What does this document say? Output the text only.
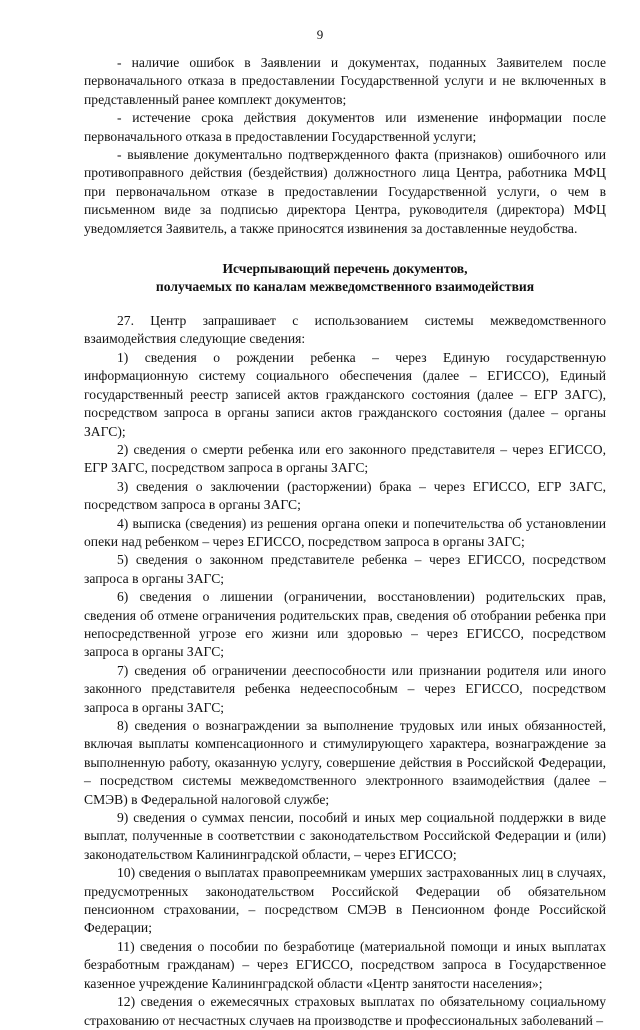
9

- наличие ошибок в Заявлении и документах, поданных Заявителем после первоначального отказа в предоставлении Государственной услуги и не включенных в представленный ранее комплект документов;

- истечение срока действия документов или изменение информации после первоначального отказа в предоставлении Государственной услуги;

- выявление документально подтвержденного факта (признаков) ошибочного или противоправного действия (бездействия) должностного лица Центра, работника МФЦ при первоначальном отказе в предоставлении Государственной услуги, о чем в письменном виде за подписью директора Центра, руководителя (директора) МФЦ уведомляется Заявитель, а также приносятся извинения за доставленные неудобства.

Исчерпывающий перечень документов,
получаемых по каналам межведомственного взаимодействия

27. Центр запрашивает с использованием системы межведомственного взаимодействия следующие сведения:

1) сведения о рождении ребенка – через Единую государственную информационную систему социального обеспечения (далее – ЕГИССО), Единый государственный реестр записей актов гражданского состояния (далее – ЕГР ЗАГС), посредством запроса в органы записи актов гражданского состояния (далее – органы ЗАГС);

2) сведения о смерти ребенка или его законного представителя – через ЕГИССО, ЕГР ЗАГС, посредством запроса в органы ЗАГС;

3) сведения о заключении (расторжении) брака – через ЕГИССО, ЕГР ЗАГС, посредством запроса в органы ЗАГС;

4) выписка (сведения) из решения органа опеки и попечительства об установлении опеки над ребенком – через ЕГИССО, посредством запроса в органы ЗАГС;

5) сведения о законном представителе ребенка – через ЕГИССО, посредством запроса в органы ЗАГС;

6) сведения о лишении (ограничении, восстановлении) родительских прав, сведения об отмене ограничения родительских прав, сведения об отобрании ребенка при непосредственной угрозе его жизни или здоровью – через ЕГИССО, посредством запроса в органы ЗАГС;

7) сведения об ограничении дееспособности или признании родителя или иного законного представителя ребенка недееспособным – через ЕГИССО, посредством запроса в органы ЗАГС;

8) сведения о вознаграждении за выполнение трудовых или иных обязанностей, включая выплаты компенсационного и стимулирующего характера, вознаграждение за выполненную работу, оказанную услугу, совершение действия в Российской Федерации, – посредством системы межведомственного электронного взаимодействия (далее – СМЭВ) в Федеральной налоговой службе;

9) сведения о суммах пенсии, пособий и иных мер социальной поддержки в виде выплат, полученные в соответствии с законодательством Российской Федерации и (или) законодательством Калининградской области, – через ЕГИССО;

10) сведения о выплатах правопреемникам умерших застрахованных лиц в случаях, предусмотренных законодательством Российской Федерации об обязательном пенсионном страховании, – посредством СМЭВ в Пенсионном фонде Российской Федерации;

11) сведения о пособии по безработице (материальной помощи и иных выплатах безработным гражданам) – через ЕГИССО, посредством запроса в Государственное казенное учреждение Калининградской области «Центр занятости населения»;

12) сведения о ежемесячных страховых выплатах по обязательному социальному страхованию от несчастных случаев на производстве и профессиональных заболеваний –
